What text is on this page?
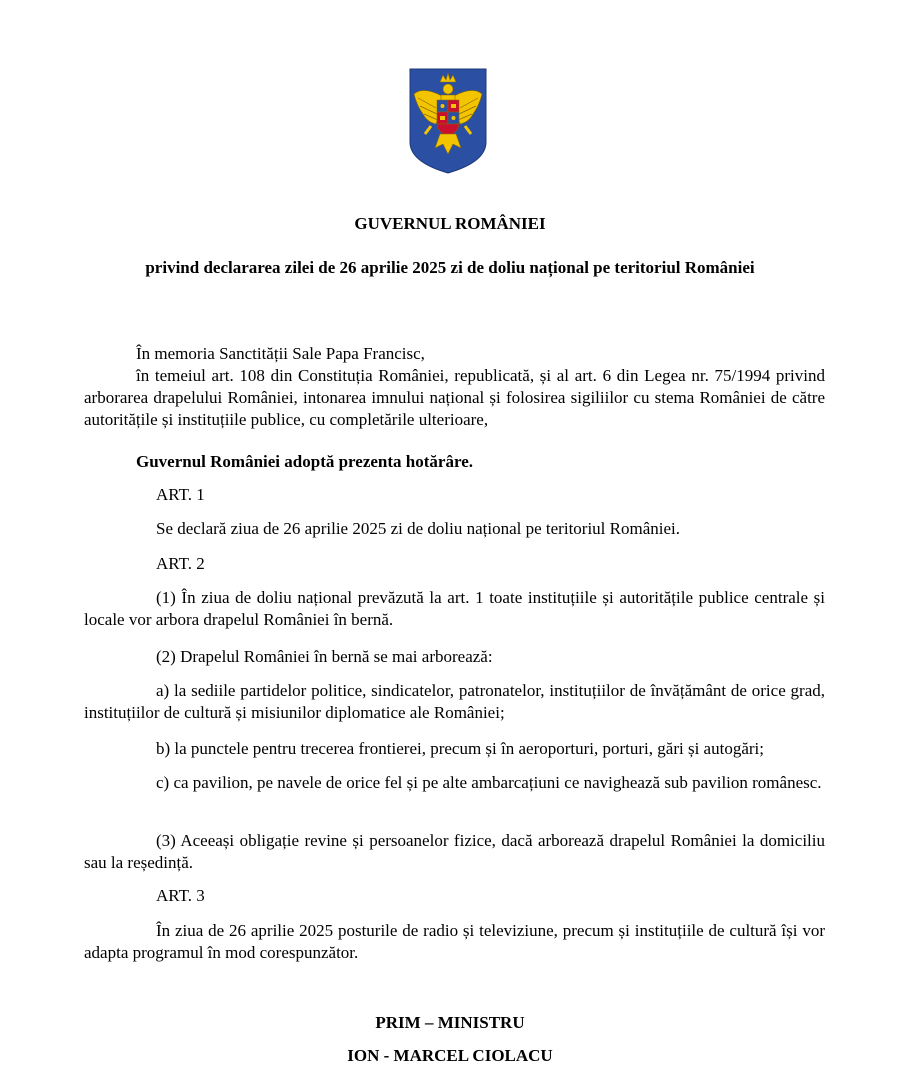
GUVERNUL ROMÂNIEI
privind declararea zilei de 26 aprilie 2025 zi de doliu național pe teritoriul României
În memoria Sanctității Sale Papa Francisc,
în temeiul art. 108 din Constituția României, republicată, și al art. 6 din Legea nr. 75/1994 privind arborarea drapelului României, intonarea imnului național și folosirea sigiliilor cu stema României de către autoritățile și instituțiile publice, cu completările ulterioare,
Guvernul României adoptă prezenta hotărâre.
ART. 1
Se declară ziua de 26 aprilie 2025 zi de doliu național pe teritoriul României.
ART. 2
(1) În ziua de doliu național prevăzută la art. 1 toate instituțiile și autoritățile publice centrale și locale vor arbora drapelul României în bernă.
(2) Drapelul României în bernă se mai arborează:
a) la sediile partidelor politice, sindicatelor, patronatelor, instituțiilor de învățământ de orice grad, instituțiilor de cultură și misiunilor diplomatice ale României;
b) la punctele pentru trecerea frontierei, precum și în aeroporturi, porturi, gări și autogări;
c) ca pavilion, pe navele de orice fel și pe alte ambarcațiuni ce navighează sub pavilion românesc.
(3) Aceeași obligație revine și persoanelor fizice, dacă arborează drapelul României la domiciliu sau la reședință.
ART. 3
În ziua de 26 aprilie 2025 posturile de radio și televiziune, precum și instituțiile de cultură își vor adapta programul în mod corespunzător.
PRIM – MINISTRU
ION - MARCEL CIOLACU
